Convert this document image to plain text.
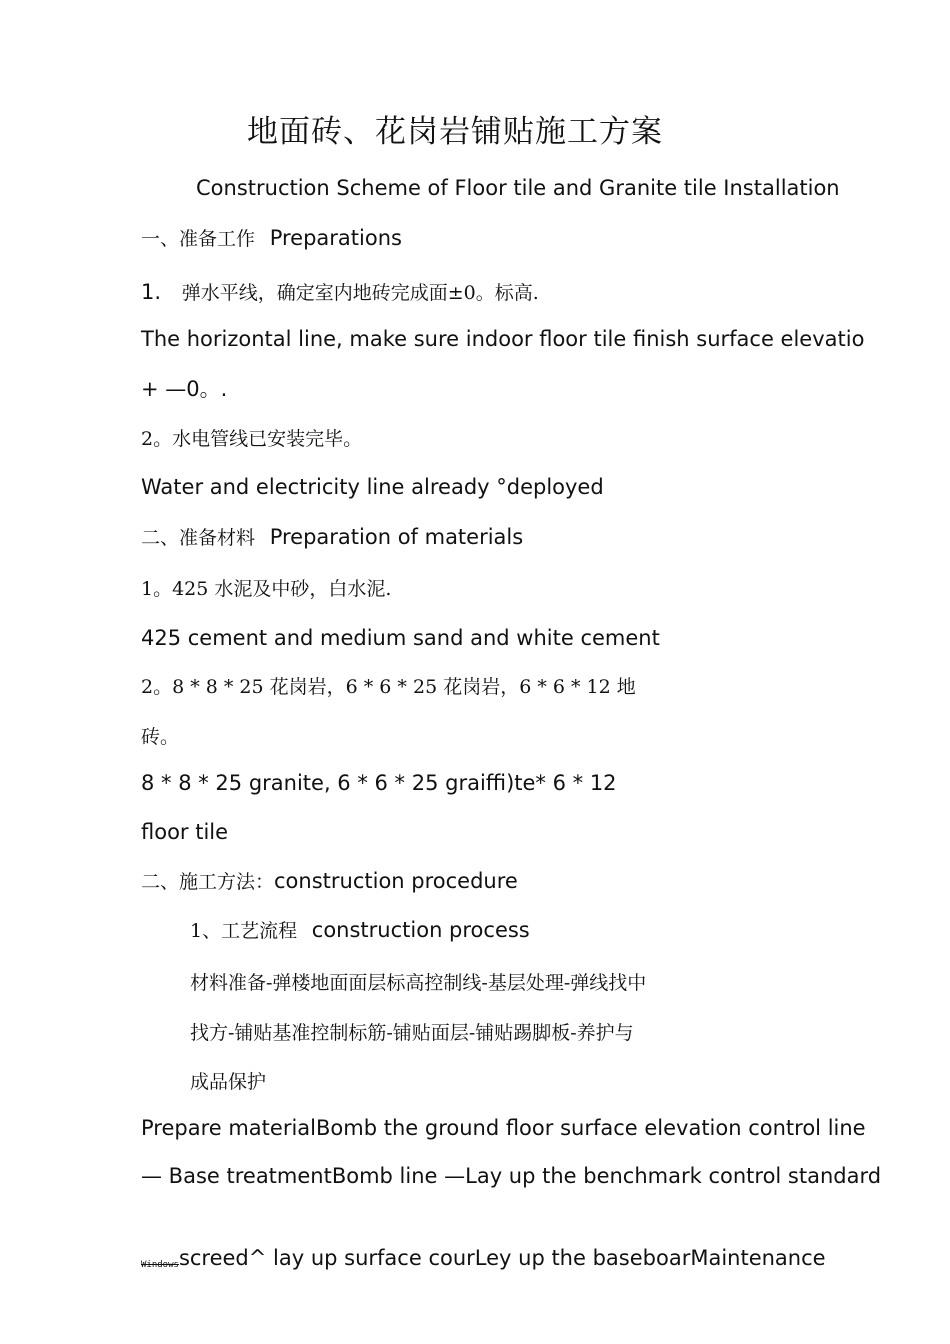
地面砖、花岗岩铺贴施工方案
Construction Scheme of Floor tile and Granite tile Installation
一、准备工作 Preparations
1. 弹水平线，确定室内地砖完成面±0。标高.
The horizontal line, make sure indoor floor tile finish surface elevatio
+ —0。.
2。水电管线已安装完毕。
Water and electricity line already °deployed
二、准备材料 Preparation of materials
1。425 水泥及中砂，白水泥.
425 cement and medium sand and white cement
2。8 * 8 * 25 花岗岩，6 * 6 * 25 花岗岩，6 * 6 * 12 地
砖。
8 * 8 * 25 granite, 6 * 6 * 25 graiffi)te* 6 * 12
floor tile
二、施工方法：construction procedure
1、工艺流程 construction process
材料准备-弹楼地面面层标高控制线-基层处理-弹线找中
找方-铺贴基准控制标筋-铺贴面层-铺贴踢脚板-养护与
成品保护
Prepare materialBomb the ground floor surface elevation control line
— Base treatmentBomb line —Lay up the benchmark control standard
Windowsscreed^ lay up surface courLey up the baseboarMaintenance
